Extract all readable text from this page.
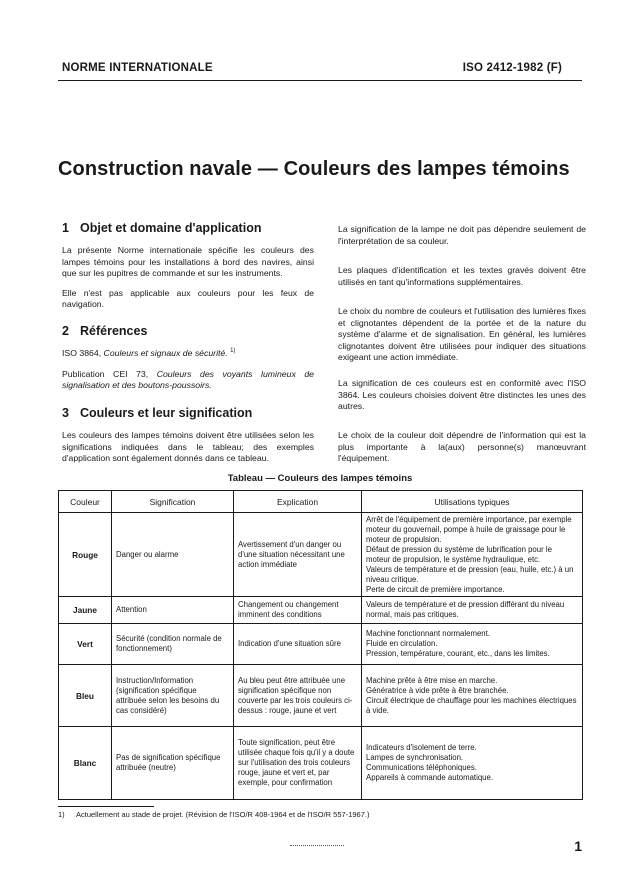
NORME INTERNATIONALE	ISO 2412-1982 (F)
Construction navale — Couleurs des lampes témoins
1 Objet et domaine d'application

La présente Norme internationale spécifie les couleurs des lampes témoins pour les installations à bord des navires, ainsi que sur les pupitres de commande et sur les instruments.

Elle n'est pas applicable aux couleurs pour les feux de navigation.

2 Références

ISO 3864, Couleurs et signaux de sécurité. $^{1)}$

Publication CEI 73, Couleurs des voyants lumineux de signalisation et des boutons-poussoirs.

3 Couleurs et leur signification

Les couleurs des lampes témoins doivent être utilisées selon les significations indiquées dans le tableau; des exemples d'application sont également donnés dans ce tableau.

La signification de la lampe ne doit pas dépendre seulement de l'interprétation de sa couleur.

Les plaques d'identification et les textes gravés doivent être utilisés en tant qu'informations supplémentaires.

Le choix du nombre de couleurs et l'utilisation des lumières fixes et clignotantes dépendent de la portée et de la nature du système d'alarme et de signalisation. En général, les lumières clignotantes doivent être utilisées pour indiquer des situations exigeant une action immédiate.

La signification de ces couleurs est en conformité avec l'ISO 3864. Les couleurs choisies doivent être distinctes les unes des autres.

Le choix de la couleur doit dépendre de l'information qui est la plus importante à la(aux) personne(s) manœuvrant l'équipement.

Tableau — Couleurs des lampes témoins
Couleur	Signification	Explication	Utilisations typiques
Rouge	Danger ou alarme	Avertissement d'un danger ou d'une situation nécessitant une action immédiate	Arrêt de l'équipement de première importance, par exemple moteur du gouvernail, pompe à huile de graissage pour le moteur de propulsion.
Défaut de pression du système de lubrification pour le moteur de propulsion, le système hydraulique, etc.
Valeurs de température et de pression (eau, huile, etc.) à un niveau critique.
Perte de circuit de première importance.

Jaune	Attention	Changement ou changement imminent des conditions	Valeurs de température et de pression différant du niveau normal, mais pas critiques.

Vert	Sécurité (condition normale de fonctionnement)	Indication d'une situation sûre	Machine fonctionnant normalement.
Fluide en circulation.
Pression, température, courant, etc., dans les limites.

Bleu	Instruction/Information (signification spécifique attribuée selon les besoins du cas considéré)	Au bleu peut être attribuée une signification spécifique non couverte par les trois couleurs ci-dessus : rouge, jaune et vert	Machine prête à être mise en marche.
Génératrice à vide prête à être branchée.
Circuit électrique de chauffage pour les machines électriques à vide.

Blanc	Pas de signification spécifique attribuée (neutre)	Toute signification, peut être utilisée chaque fois qu'il y a doute sur l'utilisation des trois couleurs rouge, jaune et vert et, par exemple, pour confirmation	Indicateurs d'isolement de terre.
Lampes de synchronisation.
Communications téléphoniques.
Appareils à commande automatique.
1) Actuellement au stade de projet. (Révision de l'ISO/R 408-1964 et de l'ISO/R 557-1967.)
1
